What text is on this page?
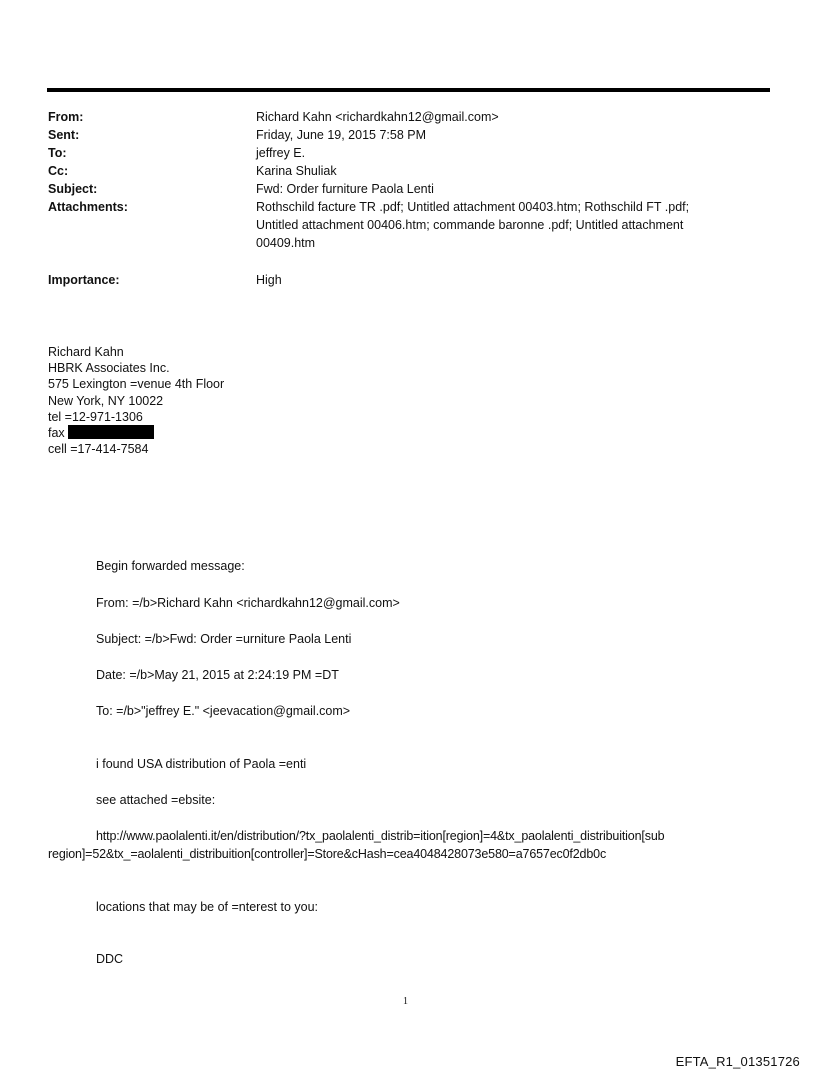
From:	Richard Kahn <richardkahn12@gmail.com>
Sent:	Friday, June 19, 2015 7:58 PM
To:	jeffrey E.
Cc:	Karina Shuliak
Subject:	Fwd: Order furniture Paola Lenti
Attachments:	Rothschild facture TR .pdf; Untitled attachment 00403.htm; Rothschild FT .pdf;
Untitled attachment 00406.htm; commande baronne .pdf; Untitled attachment
00409.htm
Importance:	High
Richard Kahn
HBRK Associates Inc.
575 Lexington =venue 4th Floor
New York, NY 10022
tel =12-971-1306
fax
cell =17-414-7584
Begin forwarded message:
From: =/b>Richard Kahn <richardkahn12@gmail.com>
Subject: =/b>Fwd: Order =urniture Paola Lenti
Date: =/b>May 21, 2015 at 2:24:19 PM =DT
To: =/b>"jeffrey E." <jeevacation@gmail.com>
i found USA distribution of Paola =enti
see attached =ebsite:
http://www.paolalenti.it/en/distribution/?tx_paolalenti_distrib=ition[region]=4&tx_paolalenti_distribuition[sub
region]=52&tx_=aolalenti_distribuition[controller]=Store&cHash=cea4048428073e580=a7657ec0f2db0c
locations that may be of =nterest to you:
DDC
1
EFTA_R1_01351726
